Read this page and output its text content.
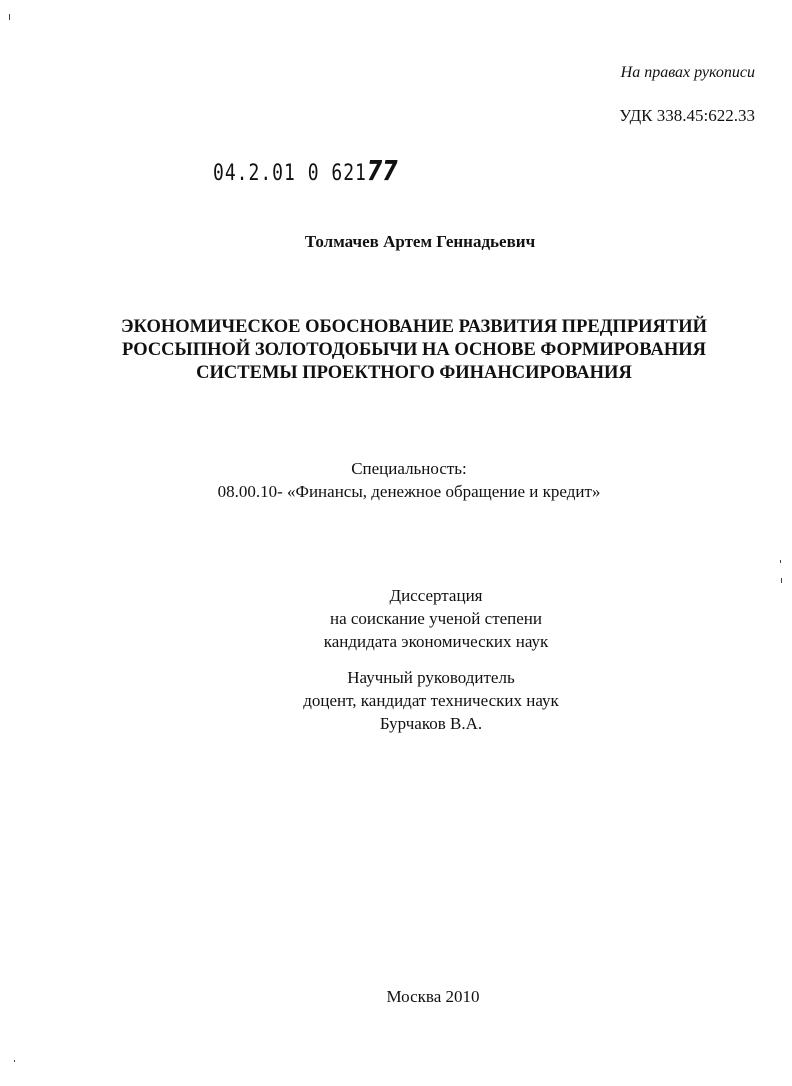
На правах рукописи
УДК 338.45:622.33
04.2.01 0 62177
Толмачев Артем Геннадьевич
ЭКОНОМИЧЕСКОЕ ОБОСНОВАНИЕ РАЗВИТИЯ ПРЕДПРИЯТИЙ
РОССЫПНОЙ ЗОЛОТОДОБЫЧИ НА ОСНОВЕ ФОРМИРОВАНИЯ
СИСТЕМЫ ПРОЕКТНОГО ФИНАНСИРОВАНИЯ
Специальность:
08.00.10- «Финансы, денежное обращение и кредит»
Диссертация
на соискание ученой степени
кандидата экономических наук
Научный руководитель
доцент, кандидат технических наук
Бурчаков В.А.
Москва 2010
